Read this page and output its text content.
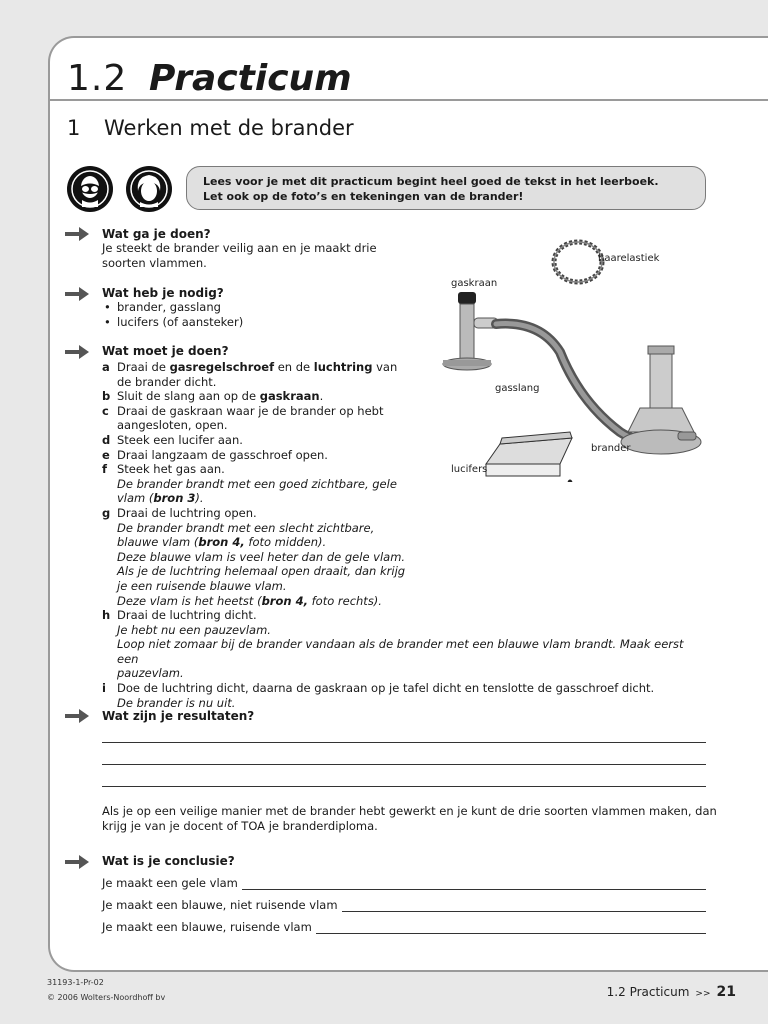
1.2 Practicum
1 Werken met de brander
Lees voor je met dit practicum begint heel goed de tekst in het leerboek.
Let ook op de foto’s en tekeningen van de brander!
Wat ga je doen?
Je steekt de brander veilig aan en je maakt drie
soorten vlammen.
Wat heb je nodig?
• brander, gasslang
• lucifers (of aansteker)
Wat moet je doen?
a Draai de gasregelschroef en de luchtring van
de brander dicht.
b Sluit de slang aan op de gaskraan.
c Draai de gaskraan waar je de brander op hebt
aangesloten, open.
d Steek een lucifer aan.
e Draai langzaam de gasschroef open.
f Steek het gas aan.
De brander brandt met een goed zichtbare, gele
vlam (bron 3).
g Draai de luchtring open.
De brander brandt met een slecht zichtbare,
blauwe vlam (bron 4, foto midden).
Deze blauwe vlam is veel heter dan de gele vlam.
Als je de luchtring helemaal open draait, dan krijg
je een ruisende blauwe vlam.
Deze vlam is het heetst (bron 4, foto rechts).
h Draai de luchtring dicht.
Je hebt nu een pauzevlam.
Loop niet zomaar bij de brander vandaan als de brander met een blauwe vlam brandt. Maak eerst een
pauzevlam.
i Doe de luchtring dicht, daarna de gaskraan op je tafel dicht en tenslotte de gasschroef dicht.
De brander is nu uit.
haarelastiek
gaskraan
gasslang
brander
lucifers
Wat zijn je resultaten?
Als je op een veilige manier met de brander hebt gewerkt en je kunt de drie soorten vlammen maken, dan
krijg je van je docent of TOA je branderdiploma.
Wat is je conclusie?
Je maakt een gele vlam
Je maakt een blauwe, niet ruisende vlam
Je maakt een blauwe, ruisende vlam
31193-1-Pr-02
© 2006 Wolters-Noordhoff bv	1.2 Practicum >> 21
